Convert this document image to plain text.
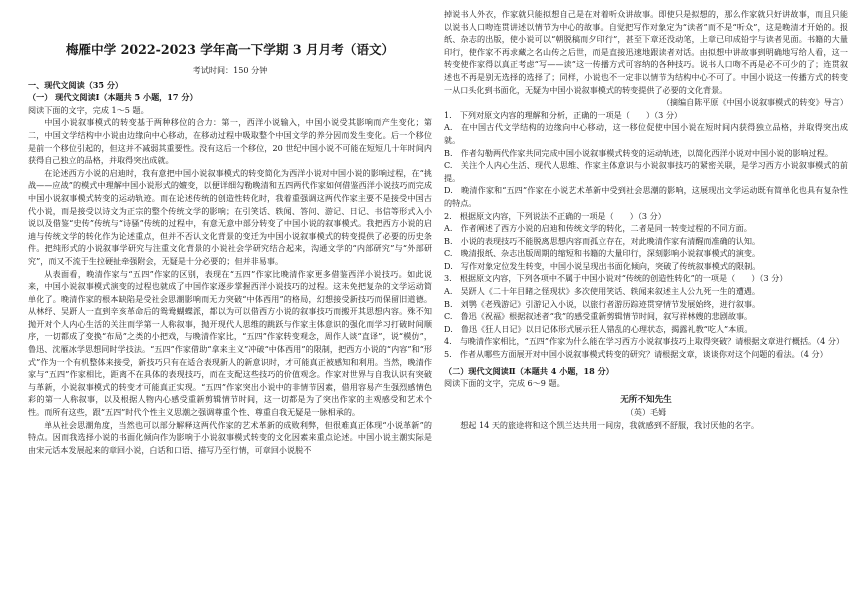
梅雁中学 2022-2023 学年高一下学期 3 月月考（语文）
考试时间：150 分钟
一、现代文阅读（35 分）
（一） 现代文阅读Ⅰ（本题共 5 小题，17 分）
阅读下面的文字，完成 1～5 题。
中国小说叙事模式的转变基于两种移位的合力：第一，西洋小说输入，中国小说受其影响而产生变化；第二，中国文学结构中小说由边缘向中心移动，在移动过程中吸取整个中国文学的养分因而发生变化。后一个移位是前一个移位引起的，但这并不减弱其重要性。没有这后一个移位，20 世纪中国小说不可能在短短几十年时间内获得自己独立的品格，并取得突出成就。
在论述西方小说的启迪时，我有意把中国小说叙事模式的转变简化为西洋小说对中国小说的影响过程，在“挑战——应战”的模式中理解中国小说形式的嬗变，以便详细勾勒晚清和五四两代作家如何借鉴西洋小说技巧而完成中国小说叙事模式转变的运动轨迹。而在论述传统的创造性转化时，我着重强调这两代作家主要不是接受中国古代小说，而是接受以诗文为正宗的整个传统文学的影响；在引笑话、轶闻、答问、游记、日记、书信等形式入小说以及借鉴“史传”传统与“诗骚”传统的过程中，有意无意中部分转变了中国小说的叙事模式。我把西方小说的启迪与传统文学的转化作为论述重点，但并不否认文化背景的变迁为中国小说叙事模式的转变提供了必要的历史条件。把纯形式的小说叙事学研究与注重文化背景的小说社会学研究结合起来，沟通文学的“内部研究”与“外部研究”，而又不流于生拉硬扯牵强附会，无疑是十分必要的；但并非易事。
从表面看，晚清作家与“五四”作家的区别，表现在“五四”作家比晚清作家更多借鉴西洋小说技巧。如此说来，中国小说叙事模式演变的过程也就成了中国作家逐步掌握西洋小说技巧的过程。这未免把复杂的文学运动简单化了。晚清作家的根本缺陷是受社会思潮影响而无力突破“中体西用”的格局，幻想接受新技巧而保留旧道德。从林纾、吴趼人一直到辛亥革命后的鸳鸯蝴蝶派，都以为可以借西方小说的叙事技巧而搬开其思想内容。殊不知抛开对个人内心生活的关注而学第一人称叙事，抛开现代人思维的跳跃与作家主体意识的强化而学习打破时间顺序，一切都成了变换“布局”之类的小把戏，与晚清作家比，“五四”作家转变观念，周作人谈“直译”，说“模仿”，鲁迅、沈雁冰学思想同时学技法。“五四”作家借助“拿来主义”冲破“中体西用”的限制，把西方小说的“内容”和“形式”作为一个有机整体来接受，新技巧只有在适合表现新人的新意识时，才可能真正被感知和利用。当然，晚清作家与“五四”作家相比，距离不在具体的表现技巧，而在支配这些技巧的价值观念。作家对世界与自我认识有突破与革新，小说叙事模式的转变才可能真正实现。“五四”作家突出小说中的非情节因素，借用容易产生强烈感情色彩的第一人称叙事，以及根据人物内心感受重新剪辑情节时间，这一切都是为了突出作家的主观感受和艺术个性。而所有这些，跟“五四”时代个性主义思潮之强调尊重个性、尊重自我无疑是一脉相承的。
单从社会思潮角度，当然也可以部分解释这两代作家的艺术革新的成败利弊，但很难真正体现“小说革新”的特点。因而我选择小说的书面化倾向作为影响于小说叙事模式转变的文化因素来重点论述。中国小说主潮实际是由宋元话本发展起来的章回小说，白话和口语、描写乃至行情，可章回小说脱不
掉说书人外衣，作家就只能拟想自己是在对着听众讲故事。即使只是拟想的，那么作家就只好讲故事，而且只能以说书人口吻连贯讲述以情节为中心的故事。自觉把写作对象定为“读者”而不是“听众”，这是晚清才开始的。报纸、杂志的出版，使小说可以“朝脱稿而夕印行”，甚至下章还没动笔，上章已印成铅字与读者见面。书籍的大量印行，使作家不再求藏之名山传之后世，而是直接迅速地跟读者对话。由拟想中讲故事到明确地写给人看，这一转变使作家得以真正考虑“写——读”这一传播方式可容纳的各种技巧。说书人口吻不再是必不可少的了；连贯叙述也不再是别无选择的选择了；同样，小说也不一定非以情节为结构中心不可了。中国小说这一传播方式的转变一从口头化到书面化，无疑为中国小说叙事模式的转变提供了必要的文化背景。
（摘编自陈平原《中国小说叙事模式的转变》导言）
1.　下列对原文内容的理解和分析，正确的一项是（　　）（3 分）
A.　在中国古代文学结构的边缘向中心移动，这一移位促使中国小说在短时间内获得独立品格，并取得突出成就。
B.　作者勾勒两代作家共同完成中国小说叙事模式转变的运动轨迹，以简化西洋小说对中国小说的影响过程。
C.　关注个人内心生活、现代人思维、作家主体意识与小说叙事技巧的紧密关联，是学习西方小说叙事模式的前提。
D.　晚清作家和“五四”作家在小说艺术革新中受到社会思潮的影响，这展现出文学运动既有简单化也具有复杂性的特点。
2.　根据原文内容，下列说法不正确的一项是（　　）（3 分）
A.　作者阐述了西方小说的启迪和传统文学的转化，二者是同一转变过程的不同方面。
B.　小说的表现技巧不能脱离思想内容而孤立存在，对此晚清作家有清醒而准确的认知。
C.　晚清报纸、杂志出版周期的缩短和书籍的大量印行，深刻影响小说叙事模式的演变。
D.　写作对象定位发生转变，中国小说呈现出书面化倾向，突破了传统叙事模式的限制。
3.　根据原文内容，下列各项中不属于中国小说对“传统的创造性转化”的一项是（　　）（3 分）
A.　吴趼人《二十年目睹之怪现状》多次使用笑话、轶闻来叙述主人公九死一生的遭遇。
B.　刘鹗《老残游记》引游记入小说，以旅行者游历踪迹贯穿情节发展始终，进行叙事。
C.　鲁迅《祝福》根据叙述者“我”的感受重新剪辑情节时间，叙写祥林嫂的悲剧故事。
D.　鲁迅《狂人日记》以日记体形式展示狂人错乱的心理状态，揭露礼教“吃人”本质。
4.　与晚清作家相比，“五四”作家为什么能在学习西方小说叙事技巧上取得突破？请根据文章进行概括。（4 分）
5.　作者从哪些方面展开对中国小说叙事模式转变的研究？请根据文章，谈谈你对这个问题的看法。（4 分）
（二）现代文阅读Ⅱ（本题共 4 小题，18 分）
阅读下面的文字，完成 6～9 题。
无所不知先生
（英）毛姆
想起 14 天的旅途将和这个凯兰达共用一间房，我就感到不舒服，我讨厌他的名字。
